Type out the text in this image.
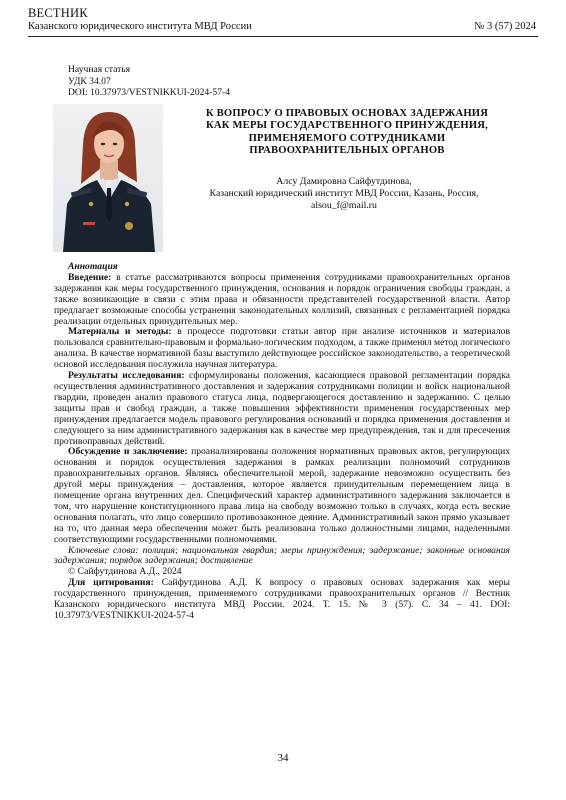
ВЕСТНИК
Казанского юридического института МВД России	№ 3 (57) 2024
Научная статья
УДК 34.07
DOI: 10.37973/VESTNIKKUI-2024-57-4
К ВОПРОСУ О ПРАВОВЫХ ОСНОВАХ ЗАДЕРЖАНИЯ
КАК МЕРЫ ГОСУДАРСТВЕННОГО ПРИНУЖДЕНИЯ,
ПРИМЕНЯЕМОГО СОТРУДНИКАМИ
ПРАВООХРАНИТЕЛЬНЫХ ОРГАНОВ
Алсу Дамировна Сайфутдинова,
Казанский юридический институт МВД России, Казань, Россия,
alsou_f@mail.ru

Аннотация

Введение: в статье рассматриваются вопросы применения сотрудниками правоохранительных органов задержания как меры государственного принуждения, основания и порядок ограничения свободы граждан, а также возникающие в связи с этим права и обязанности представителей государственной власти. Автор предлагает возможные способы устранения законодательных коллизий, связанных с регламентацией порядка реализации отдельных принудительных мер.

Материалы и методы: в процессе подготовки статьи автор при анализе источников и материалов пользовался сравнительно-правовым и формально-логическим подходом, а также применял метод логического анализа. В качестве нормативной базы выступило действующее российское законодательство, а теоретической основой исследования послужила научная литература.

Результаты исследования: сформулированы положения, касающиеся правовой регламентации порядка осуществления административного доставления и задержания сотрудниками полиции и войск национальной гвардии, проведен анализ правового статуса лица, подвергающегося доставлению и задержанию. С целью защиты прав и свобод граждан, а также повышения эффективности применения государственных мер принуждения предлагается модель правового регулирования оснований и порядка применения доставления и следующего за ним административного задержания как в качестве мер предупреждения, так и для пресечения противоправных действий.

Обсуждение и заключение: проанализированы положения нормативных правовых актов, регулирующих основания и порядок осуществления задержания в рамках реализации полномочий сотрудников правоохранительных органов. Являясь обеспечительной мерой, задержание невозможно осуществить без другой меры принуждения – доставления, которое является принудительным перемещением лица в помещение органа внутренних дел. Специфический характер административного задержания заключается в том, что нарушение конституционного права лица на свободу возможно только в случаях, когда есть веские основания полагать, что лицо совершило противозаконное деяние. Административный закон прямо указывает на то, что данная мера обеспечения может быть реализована только должностными лицами, наделенными соответствующими государственными полномочиями.

Ключевые слова: полиция; национальная гвардия; меры принуждения; задержание; законные основания задержания; порядок задержания; доставление

© Сайфутдинова А.Д., 2024

Для цитирования: Сайфутдинова А.Д. К вопросу о правовых основах задержания как меры государственного принуждения, применяемого сотрудниками правоохранительных органов // Вестник Казанского юридического института МВД России. 2024. Т. 15. № 3 (57). С. 34 – 41. DOI: 10.37973/VESTNIKKUI-2024-57-4

34
